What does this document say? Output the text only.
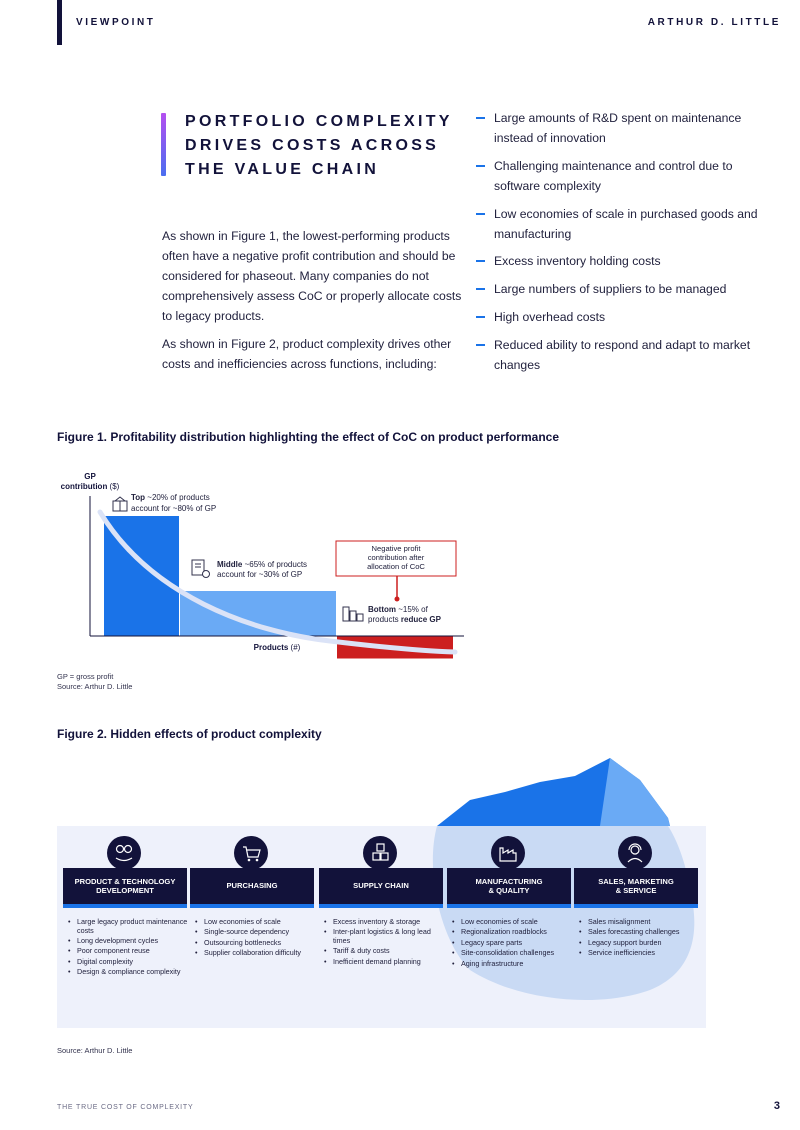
VIEWPOINT	ARTHUR D. LITTLE
PORTFOLIO COMPLEXITY
DRIVES COSTS ACROSS
THE VALUE CHAIN

As shown in Figure 1, the lowest-performing products often have a negative profit contribution and should be considered for phaseout. Many companies do not comprehensively assess CoC or properly allocate costs to legacy products.

As shown in Figure 2, product complexity drives other costs and inefficiencies across functions, including:

Large amounts of R&D spent on maintenance instead of innovation
Challenging maintenance and control due to software complexity
Low economies of scale in purchased goods and manufacturing
Excess inventory holding costs
Large numbers of suppliers to be managed
High overhead costs
Reduced ability to respond and adapt to market changes
Figure 1. Profitability distribution highlighting the effect of CoC on product performance
GP
contribution ($)
Top ~20% of products
account for ~80% of GP
Middle ~65% of products
account for ~30% of GP
Bottom ~15% of
products reduce GP
Negative profit
contribution after
allocation of CoC
Products (#)
GP = gross profit
Source: Arthur D. Little
Figure 2. Hidden effects of product complexity
PRODUCT & TECHNOLOGY
DEVELOPMENT
• Large legacy product maintenance costs
• Long development cycles
• Poor component reuse
• Digital complexity
• Design & compliance complexity
PURCHASING
• Low economies of scale
• Single-source dependency
• Outsourcing bottlenecks
• Supplier collaboration difficulty
SUPPLY CHAIN
• Excess inventory & storage
• Inter-plant logistics & long lead times
• Tariff & duty costs
• Inefficient demand planning
MANUFACTURING
& QUALITY
• Low economies of scale
• Regionalization roadblocks
• Legacy spare parts
• Site-consolidation challenges
• Aging infrastructure
SALES, MARKETING
& SERVICE
• Sales misalignment
• Sales forecasting challenges
• Legacy support burden
• Service inefficiencies
Source: Arthur D. Little
THE TRUE COST OF COMPLEXITY	3
